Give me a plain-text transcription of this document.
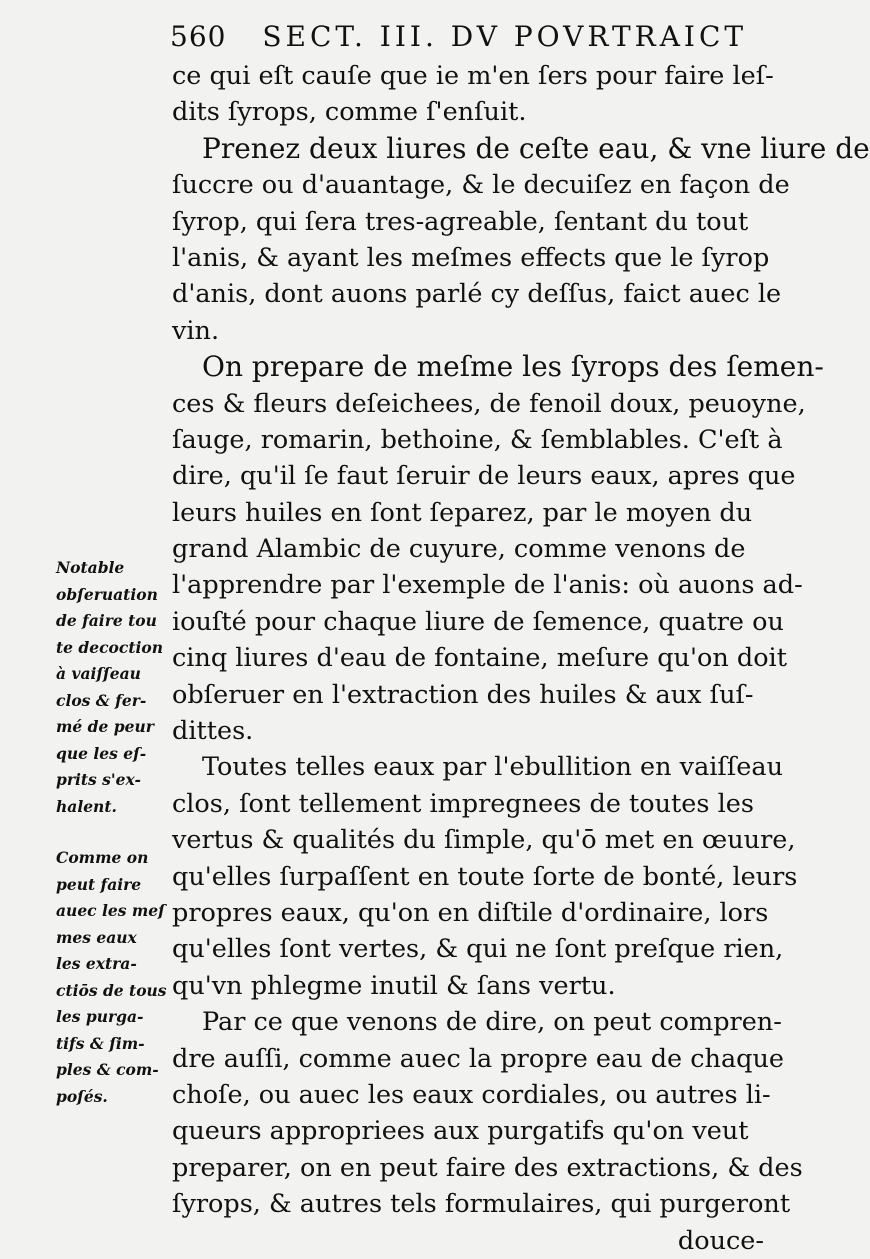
560 SECT. III. DV POVRTRAICT
ce qui eſt cauſe que ie m'en ſers pour faire leſ-
dits ſyrops, comme ſ'enſuit.
Prenez deux liures de ceſte eau, & vne liure de
ſuccre ou d'auantage, & le decuiſez en façon de
ſyrop, qui ſera tres-agreable, ſentant du tout
l'anis, & ayant les meſmes effects que le ſyrop
d'anis, dont auons parlé cy deſſus, faict auec le
vin.
On prepare de meſme les ſyrops des ſemen-
ces & fleurs deſeichees, de fenoil doux, peuoyne,
ſauge, romarin, bethoine, & ſemblables. C'eſt à
dire, qu'il ſe faut ſeruir de leurs eaux, apres que
leurs huiles en ſont ſeparez, par le moyen du
grand Alambic de cuyure, comme venons de
l'apprendre par l'exemple de l'anis: où auons ad-
iouſté pour chaque liure de ſemence, quatre ou
cinq liures d'eau de fontaine, meſure qu'on doit
obſeruer en l'extraction des huiles & aux ſuſ-
dittes.
Toutes telles eaux par l'ebullition en vaiſſeau
clos, ſont tellement impregnees de toutes les
vertus & qualités du ſimple, qu'ō met en œuure,
qu'elles ſurpaſſent en toute ſorte de bonté, leurs
propres eaux, qu'on en diſtile d'ordinaire, lors
qu'elles ſont vertes, & qui ne ſont preſque rien,
qu'vn phlegme inutil & ſans vertu.
Par ce que venons de dire, on peut compren-
dre auſſi, comme auec la propre eau de chaque
choſe, ou auec les eaux cordiales, ou autres li-
queurs appropriees aux purgatifs qu'on veut
preparer, on en peut faire des extractions, & des
ſyrops, & autres tels formulaires, qui purgeront
douce-
Notable
obſeruation
de faire tou
te decoction
à vaiſſeau
clos & fer-
mé de peur
que les eſ-
prits s'ex-
halent.
Comme on
peut faire
auec les meſ
mes eaux
les extra-
ctiōs de tous
les purga-
tifs & ſim-
ples & com-
poſés.
